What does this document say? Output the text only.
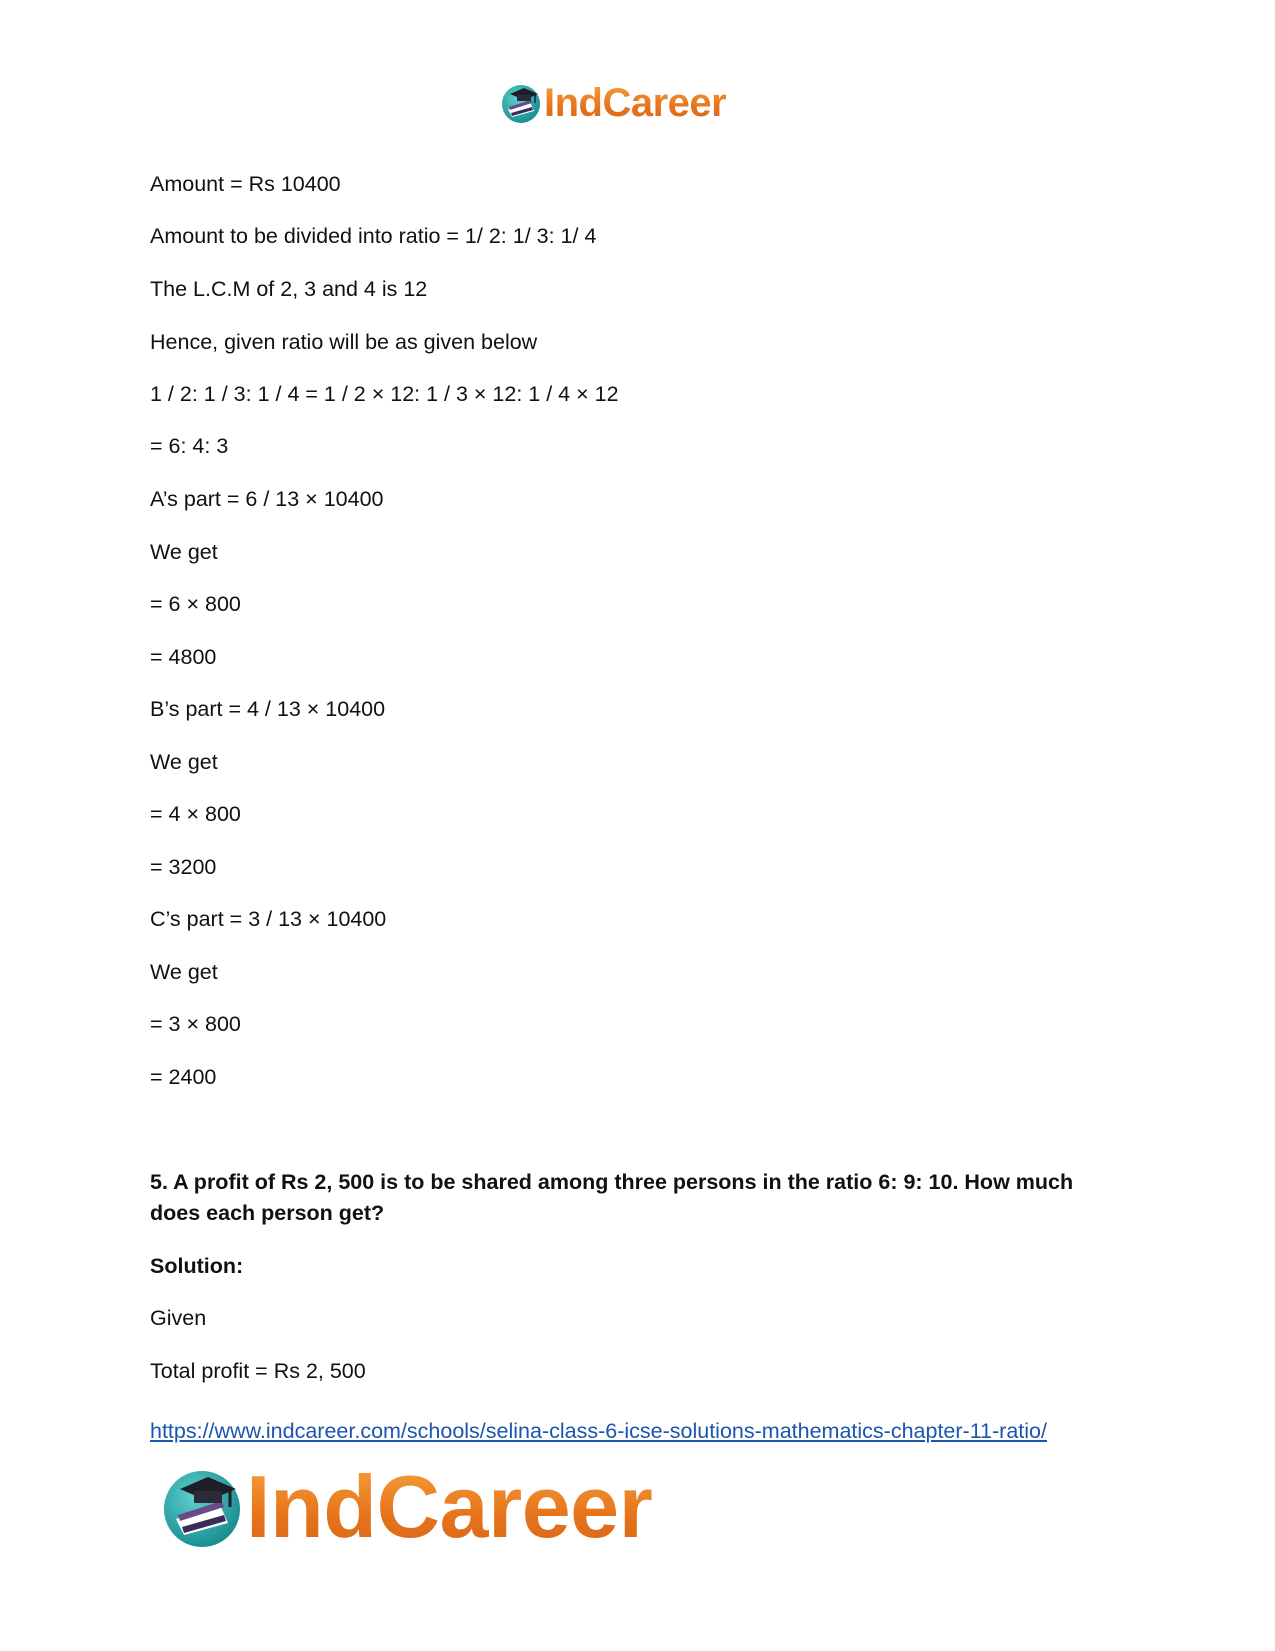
IndCareer
Amount = Rs 10400
Amount to be divided into ratio = 1/ 2: 1/ 3: 1/ 4
The L.C.M of 2, 3 and 4 is 12
Hence, given ratio will be as given below
1 / 2: 1 / 3: 1 / 4 = 1 / 2 × 12: 1 / 3 × 12: 1 / 4 × 12
= 6: 4: 3
A’s part = 6 / 13 × 10400
We get
= 6 × 800
= 4800
B’s part = 4 / 13 × 10400
We get
= 4 × 800
= 3200
C’s part = 3 / 13 × 10400
We get
= 3 × 800
= 2400
5. A profit of Rs 2, 500 is to be shared among three persons in the ratio 6: 9: 10. How much does each person get?
Solution:
Given
Total profit = Rs 2, 500
https://www.indcareer.com/schools/selina-class-6-icse-solutions-mathematics-chapter-11-ratio/
IndCareer
